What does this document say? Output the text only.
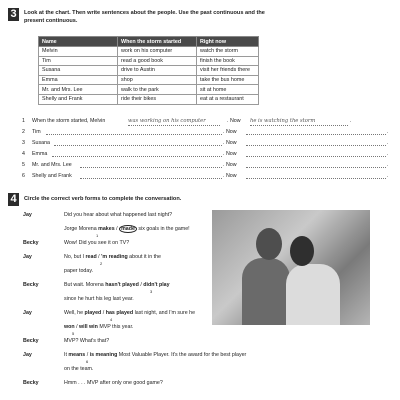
3	Look at the chart. Then write sentences about the people. Use the past continuous and the
present continuous.
Name	When the storm started	Right now
Melvin	work on his computer	watch the storm
Tim	read a good book	finish the book
Susana	drive to Austin	visit her friends there
Emma	shop	take the bus home
Mr. and Mrs. Lee	walk to the park	sit at home
Shelly and Frank	ride their bikes	eat at a restaurant
1 When the storm started, Melvin	was working on his computer	. Now he is watching the storm	.
2 Tim	. Now	.
3 Susana	. Now	.
4 Emma	. Now	.
5 Mr. and Mrs. Lee	. Now	.
6 Shelly and Frank	. Now	.
4	Circle the correct verb forms to complete the conversation.
Jay	Did you hear about what happened last night?
Jorge Morena makes / made six goals in the game!
1
Becky	Wow! Did you see it on TV?
Jay	No, but I read / 'm reading about it in the
2
paper today.
Becky	But wait. Morena hasn't played / didn't play
3
since he hurt his leg last year.
Jay	Well, he played / has played last night, and I'm sure he
4
won / will win MVP this year.
5
Becky	MVP? What's that?
Jay	It means / is meaning Most Valuable Player. It's the award for the best player
6
on the team.
Becky	Hmm . . . MVP after only one good game?
